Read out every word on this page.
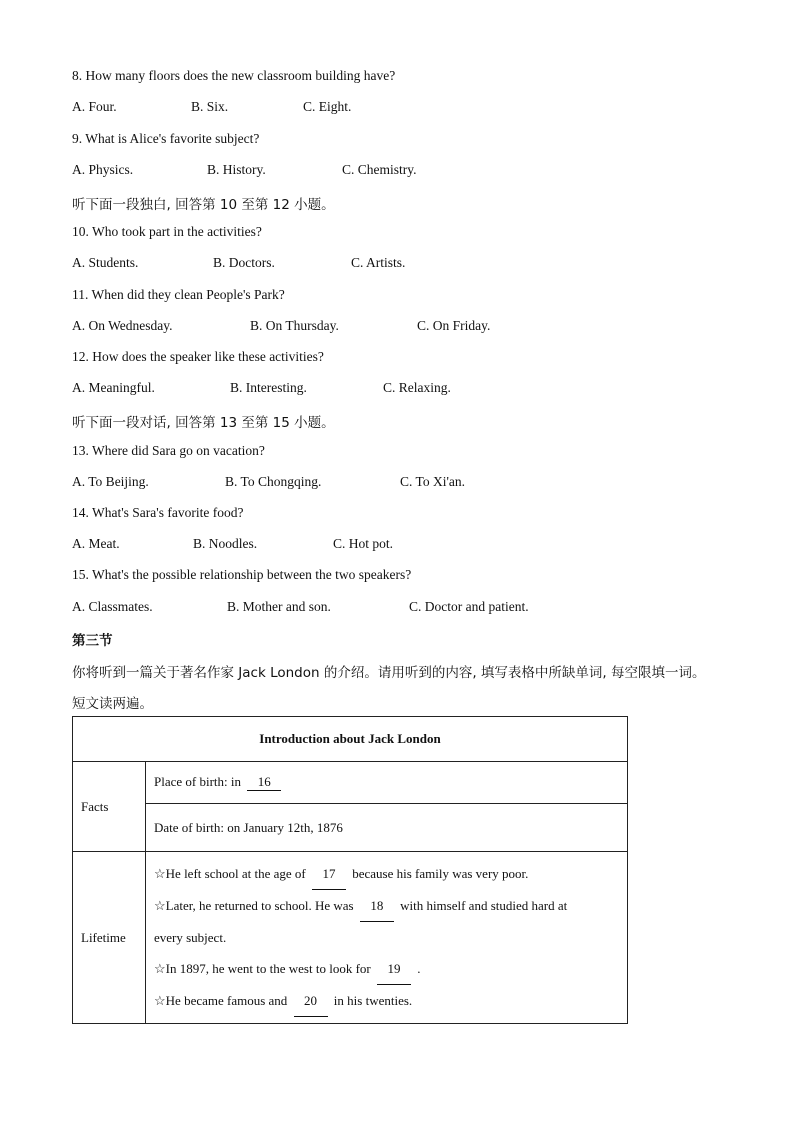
8. How many floors does the new classroom building have?
A. Four.	B. Six.	C. Eight.
9. What is Alice's favorite subject?
A. Physics.	B. History.	C. Chemistry.
听下面一段独白, 回答第 10 至第 12 小题。
10. Who took part in the activities?
A. Students.	B. Doctors.	C. Artists.
11. When did they clean People's Park?
A. On Wednesday.	B. On Thursday.	C. On Friday.
12. How does the speaker like these activities?
A. Meaningful.	B. Interesting.	C. Relaxing.
听下面一段对话, 回答第 13 至第 15 小题。
13. Where did Sara go on vacation?
A. To Beijing.	B. To Chongqing.	C. To Xi'an.
14. What's Sara's favorite food?
A. Meat.	B. Noodles.	C. Hot pot.
15. What's the possible relationship between the two speakers?
A. Classmates.	B. Mother and son.	C. Doctor and patient.
第三节
你将听到一篇关于著名作家 Jack London 的介绍。请用听到的内容, 填写表格中所缺单词, 每空限填一词。
短文读两遍。
Introduction about Jack London	
Facts	Place of birth: in 16
	Date of birth: on January 12th, 1876
Lifetime	☆He left school at the age of 17 because his family was very poor.
☆Later, he returned to school. He was 18 with himself and studied hard at
every subject.
☆In 1897, he went to the west to look for 19 .
☆He became famous and 20 in his twenties.
